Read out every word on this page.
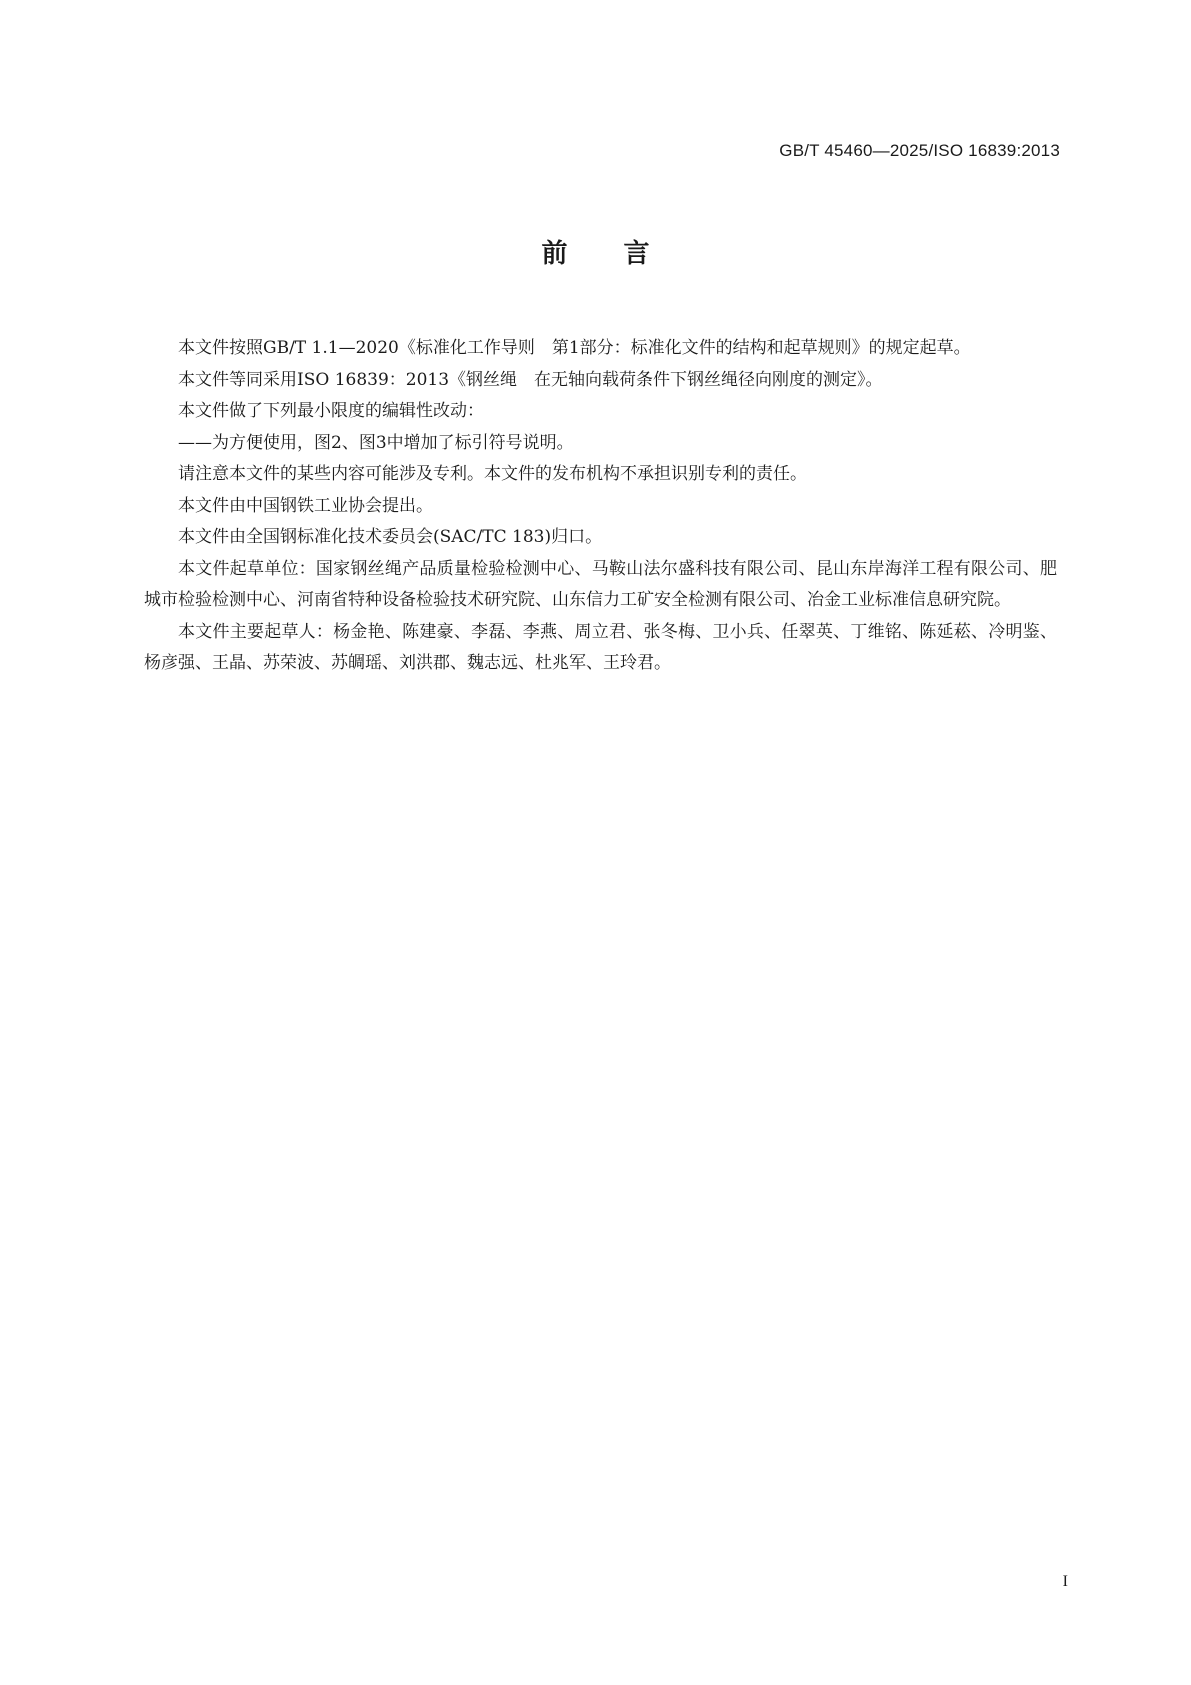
GB/T 45460—2025/ISO 16839:2013
前言

本文件按照GB/T 1.1—2020《标准化工作导则　第1部分：标准化文件的结构和起草规则》的规定起草。

本文件等同采用ISO 16839：2013《钢丝绳　在无轴向载荷条件下钢丝绳径向刚度的测定》。

本文件做了下列最小限度的编辑性改动：

——为方便使用，图2、图3中增加了标引符号说明。

请注意本文件的某些内容可能涉及专利。本文件的发布机构不承担识别专利的责任。

本文件由中国钢铁工业协会提出。

本文件由全国钢标准化技术委员会(SAC/TC 183)归口。

本文件起草单位：国家钢丝绳产品质量检验检测中心、马鞍山法尔盛科技有限公司、昆山东岸海洋工程有限公司、肥城市检验检测中心、河南省特种设备检验技术研究院、山东信力工矿安全检测有限公司、冶金工业标准信息研究院。

本文件主要起草人：杨金艳、陈建豪、李磊、李燕、周立君、张冬梅、卫小兵、任翠英、丁维铭、陈延菘、冷明鉴、杨彦强、王晶、苏荣波、苏皗瑶、刘洪郡、魏志远、杜兆军、王玲君。

I
